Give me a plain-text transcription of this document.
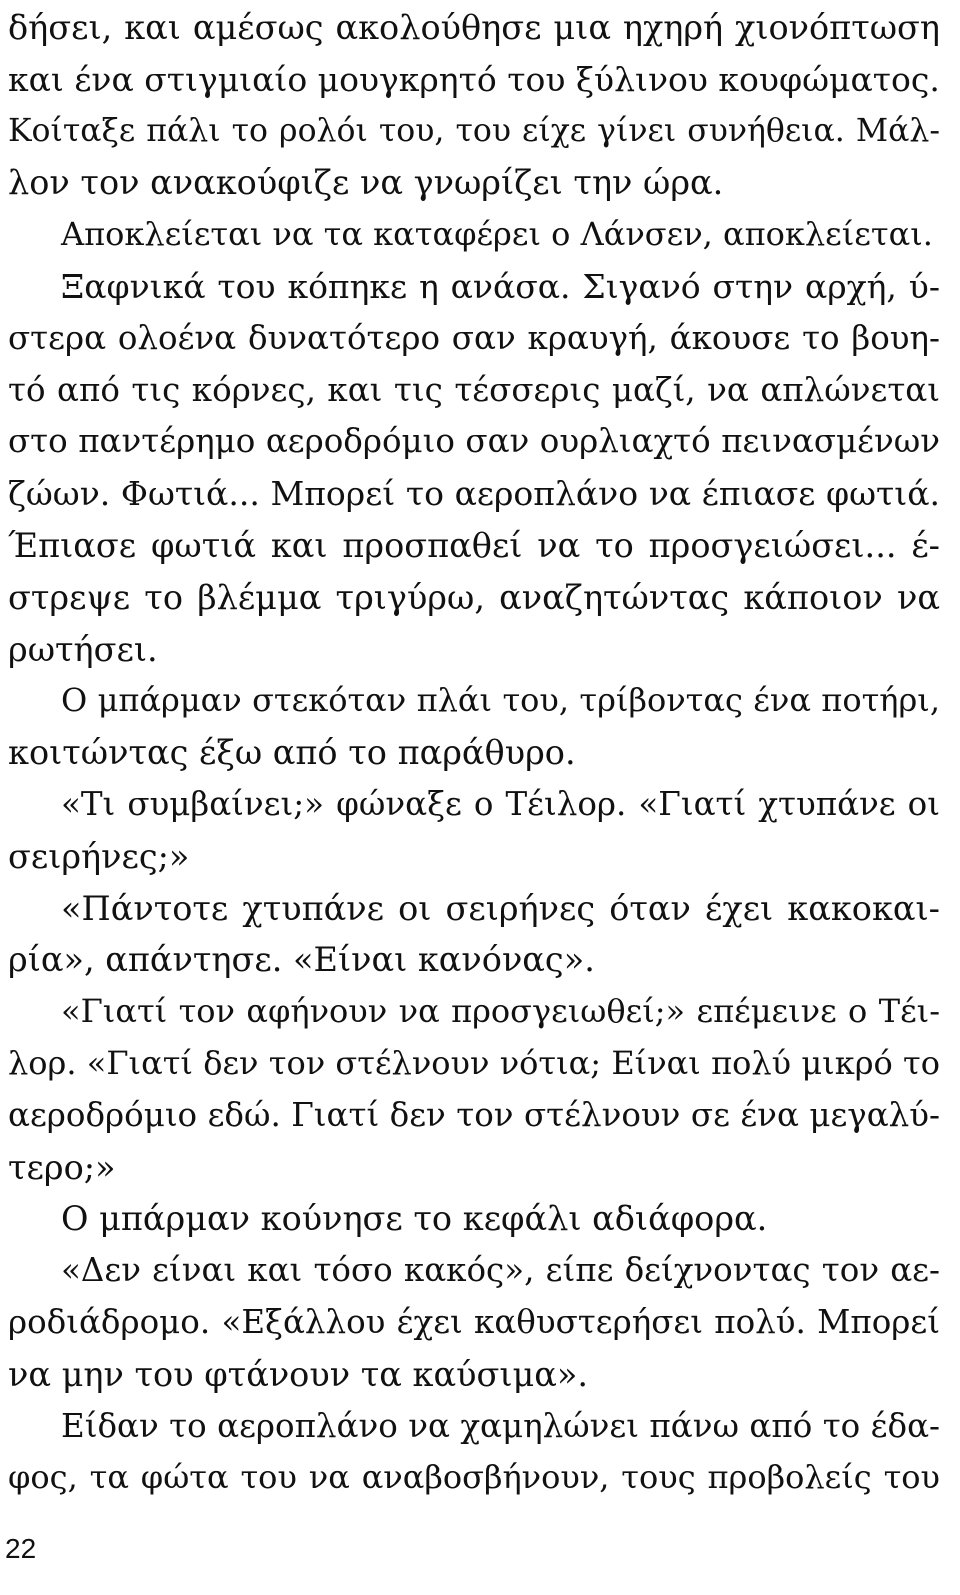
δήσει, και αμέσως ακολούθησε μια ηχηρή χιονόπτωση
και ένα στιγμιαίο μουγκρητό του ξύλινου κουφώματος.
Κοίταξε πάλι το ρολόι του, του είχε γίνει συνήθεια. Μάλ-
λον τον ανακούφιζε να γνωρίζει την ώρα.
Αποκλείεται να τα καταφέρει ο Λάνσεν, αποκλείεται.
Ξαφνικά του κόπηκε η ανάσα. Σιγανό στην αρχή, ύ-
στερα ολοένα δυνατότερο σαν κραυγή, άκουσε το βουη-
τό από τις κόρνες, και τις τέσσερις μαζί, να απλώνεται
στο παντέρημο αεροδρόμιο σαν ουρλιαχτό πεινασμένων
ζώων. Φωτιά... Μπορεί το αεροπλάνο να έπιασε φωτιά.
Έπιασε φωτιά και προσπαθεί να το προσγειώσει... έ-
στρεψε το βλέμμα τριγύρω, αναζητώντας κάποιον να
ρωτήσει.
Ο μπάρμαν στεκόταν πλάι του, τρίβοντας ένα ποτήρι,
κοιτώντας έξω από το παράθυρο.
«Τι συμβαίνει;» φώναξε ο Τέιλορ. «Γιατί χτυπάνε οι
σειρήνες;»
«Πάντοτε χτυπάνε οι σειρήνες όταν έχει κακοκαι-
ρία», απάντησε. «Είναι κανόνας».
«Γιατί τον αφήνουν να προσγειωθεί;» επέμεινε ο Τέι-
λορ. «Γιατί δεν τον στέλνουν νότια; Είναι πολύ μικρό το
αεροδρόμιο εδώ. Γιατί δεν τον στέλνουν σε ένα μεγαλύ-
τερο;»
Ο μπάρμαν κούνησε το κεφάλι αδιάφορα.
«Δεν είναι και τόσο κακός», είπε δείχνοντας τον αε-
ροδιάδρομο. «Εξάλλου έχει καθυστερήσει πολύ. Μπορεί
να μην του φτάνουν τα καύσιμα».
Είδαν το αεροπλάνο να χαμηλώνει πάνω από το έδα-
φος, τα φώτα του να αναβοσβήνουν, τους προβολείς του
22
